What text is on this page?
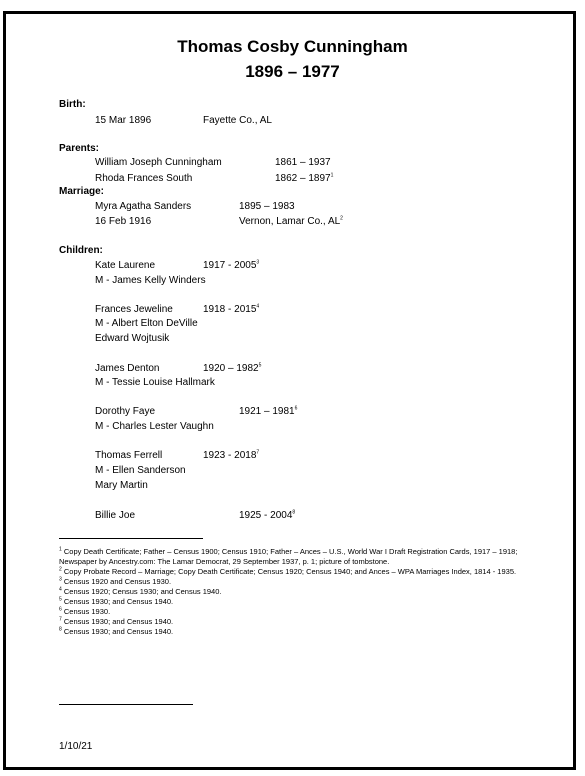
Thomas Cosby Cunningham
1896 – 1977
Birth:
15 Mar 1896	Fayette Co., AL
Parents:
William Joseph Cunningham	1861 – 1937
Rhoda Frances South	1862 – 1897$^1$
Marriage:
Myra Agatha Sanders	1895 – 1983
16 Feb 1916	Vernon, Lamar Co., $AL^2$
Children:
Kate Laurene	1917 - 2005$^3$
M - James Kelly Winders
Frances Jeweline	1918 - 2015$^4$
M - Albert Elton DeVille
Edward Wojtusik
James Denton	1920 – 1982$^5$
M - Tessie Louise Hallmark
Dorothy Faye	1921 – 1981$^6$
M - Charles Lester Vaughn
Thomas Ferrell	1923 - 2018$^7$
M - Ellen Sanderson
Mary Martin
Billie Joe	1925 - 2004$^8$
$^1$ Copy Death Certificate; Father – Census 1900; Census 1910; Father – Ances – U.S., World War I Draft Registration Cards, 1917 – 1918; Newspaper by Ancestry.com: The Lamar Democrat, 29 September 1937, p. 1; picture of tombstone.
$^2$ Copy Probate Record – Marriage; Copy Death Certificate; Census 1920; Census 1940; and Ances – WPA Marriages Index, 1814 - 1935.
$^3$ Census 1920 and Census 1930.
$^4$ Census 1920; Census 1930; and Census 1940.
$^5$ Census 1930; and Census 1940.
$^6$ Census 1930.
$^7$ Census 1930; and Census 1940.
$^8$ Census 1930; and Census 1940.
1/10/21
